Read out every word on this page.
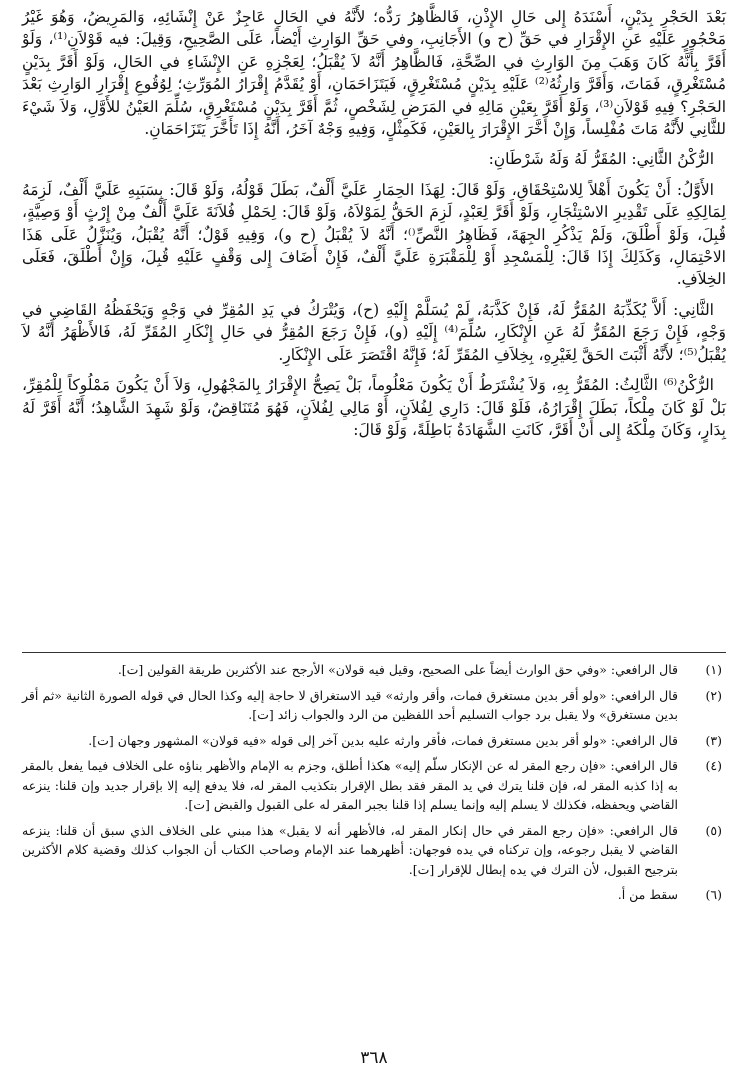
بَعْدَ الحَجْرِ بِدَيْنٍ، أَسْنَدَهُ إِلى حَالِ الإِذْنِ، فَالظَّاهِرُ رَدُّه؛ لأَنَّهُ في الحَالِ عَاجِزٌ عَنْ إِنْشَائِهِ، وَالمَرِيضُ، وَهُوَ غَيْرُ مَحْجُورٍ عَلَيْهِ عَنِ الإِقْرَارِ في حَقِّ (ح و) الأَجَانِبِ، وفي حَقِّ الوَارِثِ أَيْضاً، عَلَى الصَّحِيحِ، وَقِيلَ: فيه قَوْلاَنِ⁽¹⁾، وَلَوْ أَقَرَّ بِأَنَّهُ كَانَ وَهَبَ مِنَ الوَارِثِ في الصِّحَّةِ، فَالظَّاهِرُ أَنَّهُ لاَ يُقْبَلُ؛ لِعَجْزِهِ عَنِ الإِنْشَاءِ في الحَالِ، وَلَوْ أَقَرَّ بِدَيْنٍ مُسْتَغْرِقٍ، فَمَاتَ، وَأَقَرَّ وَارِثُهُ⁽²⁾ عَلَيْهِ بِدَيْنٍ مُسْتَغْرِقٍ، فَيَتَزَاحَمَانِ، أَوْ يُقَدَّمُ إِقْرَارُ المُوَرِّثِ؛ لِوُقُوعِ إِقْرَارِ الوَارِثِ بَعْدَ الحَجْرِ؟ فِيهِ قَوْلاَنِ⁽³⁾، وَلَوْ أَقَرَّ بِعَيْنِ مَالِهِ في المَرَضِ لِشَخْصٍ، ثُمَّ أَقَرَّ بِدَيْنٍ مُسْتَغْرِقٍ، سُلِّمَ العَيْنُ للأَوَّلِ، وَلاَ شَيْءَ للثَّانِي لأَنَّهُ مَاتَ مُفْلِساً، وَإِنْ أَخَّرَ الإِقْرَارَ بِالعَيْنِ، فَكَمِثْلٍ، وَفِيهِ وَجْهٌ آخَرُ، أَنَّهُ إِذَا تَأَخَّرَ يَتَزَاحَمَانِ.

الرُّكْنُ الثَّانِي: المُقَرُّ لَهُ وَلَهُ شَرْطَانِ:

الأَوَّلُ: أَنْ يَكُونَ أَهْلاً لِلاسْتِحْقَاقِ، وَلَوْ قَالَ: لِهَذَا الحِمَارِ عَلَيَّ أَلْفٌ، بَطَلَ قَوْلُهُ، وَلَوْ قَالَ: بِسَبَبِهِ عَلَيَّ أَلْفٌ، لَزِمَهُ لِمَالِكِهِ عَلَى تَقْدِيرِ الاسْتِئْجَارِ، وَلَوْ أَقَرَّ لِعَبْدٍ، لَزِمَ الحَقُّ لِمَوْلاَهُ، وَلَوْ قَالَ: لِحَمْلِ فُلاَنَةَ عَلَيَّ أَلْفٌ مِنْ إِرْثٍ أَوْ وَصِيَّةٍ، قُبِلَ، وَلَوْ أَطْلَقَ، وَلَمْ يَذْكُرِ الجِهَةَ، فَظَاهِرُ النَّصِّ⁽⁾؛ أَنَّهُ لاَ يُقْبَلُ (ح و)، وَفِيهِ قَوْلٌ؛ أَنَّهُ يُقْبَلُ، وَيُنَزَّلُ عَلَى هَذَا الاحْتِمَالِ، وَكَذَلِكَ إِذَا قَالَ: لِلْمَسْجِدِ أَوْ لِلْمَقْبَرَةِ عَلَيَّ أَلْفٌ، فَإِنْ أَضَافَ إِلى وَقْفٍ عَلَيْهِ قُبِلَ، وَإِنْ أَطْلَقَ، فَعَلَى الخِلاَفِ.

الثَّانِي: أَلاَّ يُكَذِّبَهُ المُقَرُّ لَهُ، فَإِنْ كَذَّبَهُ، لَمْ يُسَلَّمْ إِلَيْهِ (ح)، وَيُتْرَكُ في يَدِ المُقِرِّ في وَجْهٍ وَيَحْفَظُهُ القَاضِي في وَجْهٍ، فَإِنْ رَجَعَ المُقَرُّ لَهُ عَنِ الإِنْكَارِ، سُلِّمَ⁽⁴⁾ إِلَيْهِ (و)، فَإِنْ رَجَعَ المُقِرُّ في حَالِ إِنْكَارِ المُقَرِّ لَهُ، فَالأَظْهَرُ أَنَّهُ لاَ يُقْبَلُ⁽⁵⁾؛ لأَنَّهُ أَثْبَتَ الحَقَّ لِغَيْرِهِ، بِخِلاَفِ المُقَرِّ لَهُ؛ فَإِنَّهُ اقْتَصَرَ عَلَى الإِنْكَارِ.

الرُّكْنُ⁽⁶⁾ الثَّالِثُ: المُقَرُّ بِهِ، وَلاَ يُشْتَرَطُ أَنْ يَكُونَ مَعْلُوماً، بَلْ يَصِحُّ الإِقْرَارُ بِالمَجْهُولِ، وَلاَ أَنْ يَكُونَ مَمْلُوكاً لِلْمُقِرِّ، بَلْ لَوْ كَانَ مِلْكاً، بَطَلَ إِقْرَارُهُ، فَلَوْ قَالَ: دَارِي لِفُلاَنٍ، أَوْ مَالِي لِفُلاَنٍ، فَهُوَ مُتَنَاقِضٌ، وَلَوْ شَهِدَ الشَّاهِدُ؛ أَنَّهُ أَقَرَّ لَهُ بِدَارٍ، وَكَانَ مِلْكَهُ إِلى أَنْ أَقَرَّ، كَانَتِ الشَّهَادَةُ بَاطِلَةً، وَلَوْ قَالَ:

(١)
قال الرافعي: «وفي حق الوارث أيضاً على الصحيح، وقيل فيه قولان» الأرجح عند الأكثرين طريقة القولين [ت].
(٢)
قال الرافعي: «ولو أقر بدين مستغرق فمات، وأقر وارثه» قيد الاستغراق لا حاجة إليه وكذا الحال في قوله الصورة الثانية «ثم أقر بدين مستغرق» ولا يقبل برد جواب التسليم أحد اللفظين من الرد والجواب زائد [ت].
(٣)
قال الرافعي: «ولو أقر بدين مستغرق فمات، فأقر وارثه عليه بدين آخر إلى قوله «فيه قولان» المشهور وجهان [ت].
(٤)
قال الرافعي: «فإن رجع المقر له عن الإنكار سلّم إليه» هكذا أطلق، وجزم به الإمام والأظهر بناؤه على الخلاف فيما يفعل بالمقر به إذا كذبه المقر له، فإن قلنا يترك في يد المقر فقد بطل الإقرار بتكذيب المقر له، فلا يدفع إليه إلا بإقرار جديد وإن قلنا: ينزعه القاضي ويحفظه، فكذلك لا يسلم إليه وإنما يسلم إذا قلنا بجبر المقر له على القبول والقبض [ت].
(٥)
قال الرافعي: «فإن رجع المقر في حال إنكار المقر له، فالأظهر أنه لا يقبل» هذا مبني على الخلاف الذي سبق أن قلنا: ينزعه القاضي لا يقبل رجوعه، وإن تركناه في يده فوجهان: أظهرهما عند الإمام وصاحب الكتاب أن الجواب كذلك وقضية كلام الأكثرين بترجيح القبول، لأن الترك في يده إبطال للإقرار [ت].
(٦)
سقط من أ.
٣٦٨
